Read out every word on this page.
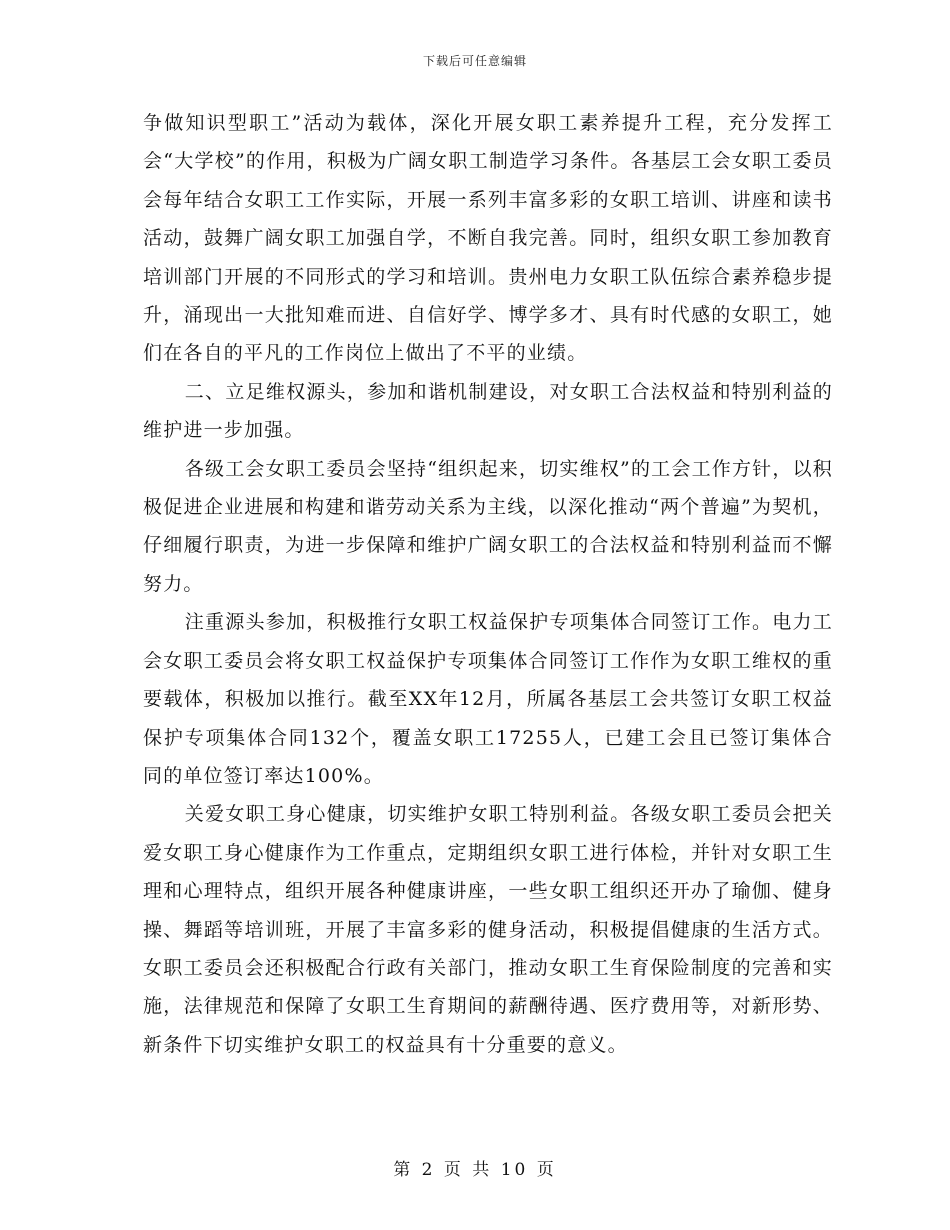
下载后可任意编辑

争做知识型职工”活动为载体，深化开展女职工素养提升工程，充分发挥工会“大学校”的作用，积极为广阔女职工制造学习条件。各基层工会女职工委员会每年结合女职工工作实际，开展一系列丰富多彩的女职工培训、讲座和读书活动，鼓舞广阔女职工加强自学，不断自我完善。同时，组织女职工参加教育培训部门开展的不同形式的学习和培训。贵州电力女职工队伍综合素养稳步提升，涌现出一大批知难而进、自信好学、博学多才、具有时代感的女职工，她们在各自的平凡的工作岗位上做出了不平的业绩。

二、立足维权源头，参加和谐机制建设，对女职工合法权益和特别利益的维护进一步加强。

各级工会女职工委员会坚持“组织起来，切实维权”的工会工作方针，以积极促进企业进展和构建和谐劳动关系为主线，以深化推动“两个普遍”为契机，仔细履行职责，为进一步保障和维护广阔女职工的合法权益和特别利益而不懈努力。

注重源头参加，积极推行女职工权益保护专项集体合同签订工作。电力工会女职工委员会将女职工权益保护专项集体合同签订工作作为女职工维权的重要载体，积极加以推行。截至XX年12月，所属各基层工会共签订女职工权益保护专项集体合同132个，覆盖女职工17255人，已建工会且已签订集体合同的单位签订率达100%。

关爱女职工身心健康，切实维护女职工特别利益。各级女职工委员会把关爱女职工身心健康作为工作重点，定期组织女职工进行体检，并针对女职工生理和心理特点，组织开展各种健康讲座，一些女职工组织还开办了瑜伽、健身操、舞蹈等培训班，开展了丰富多彩的健身活动，积极提倡健康的生活方式。女职工委员会还积极配合行政有关部门，推动女职工生育保险制度的完善和实施，法律规范和保障了女职工生育期间的薪酬待遇、医疗费用等，对新形势、新条件下切实维护女职工的权益具有十分重要的意义。

第 2 页 共 10 页
